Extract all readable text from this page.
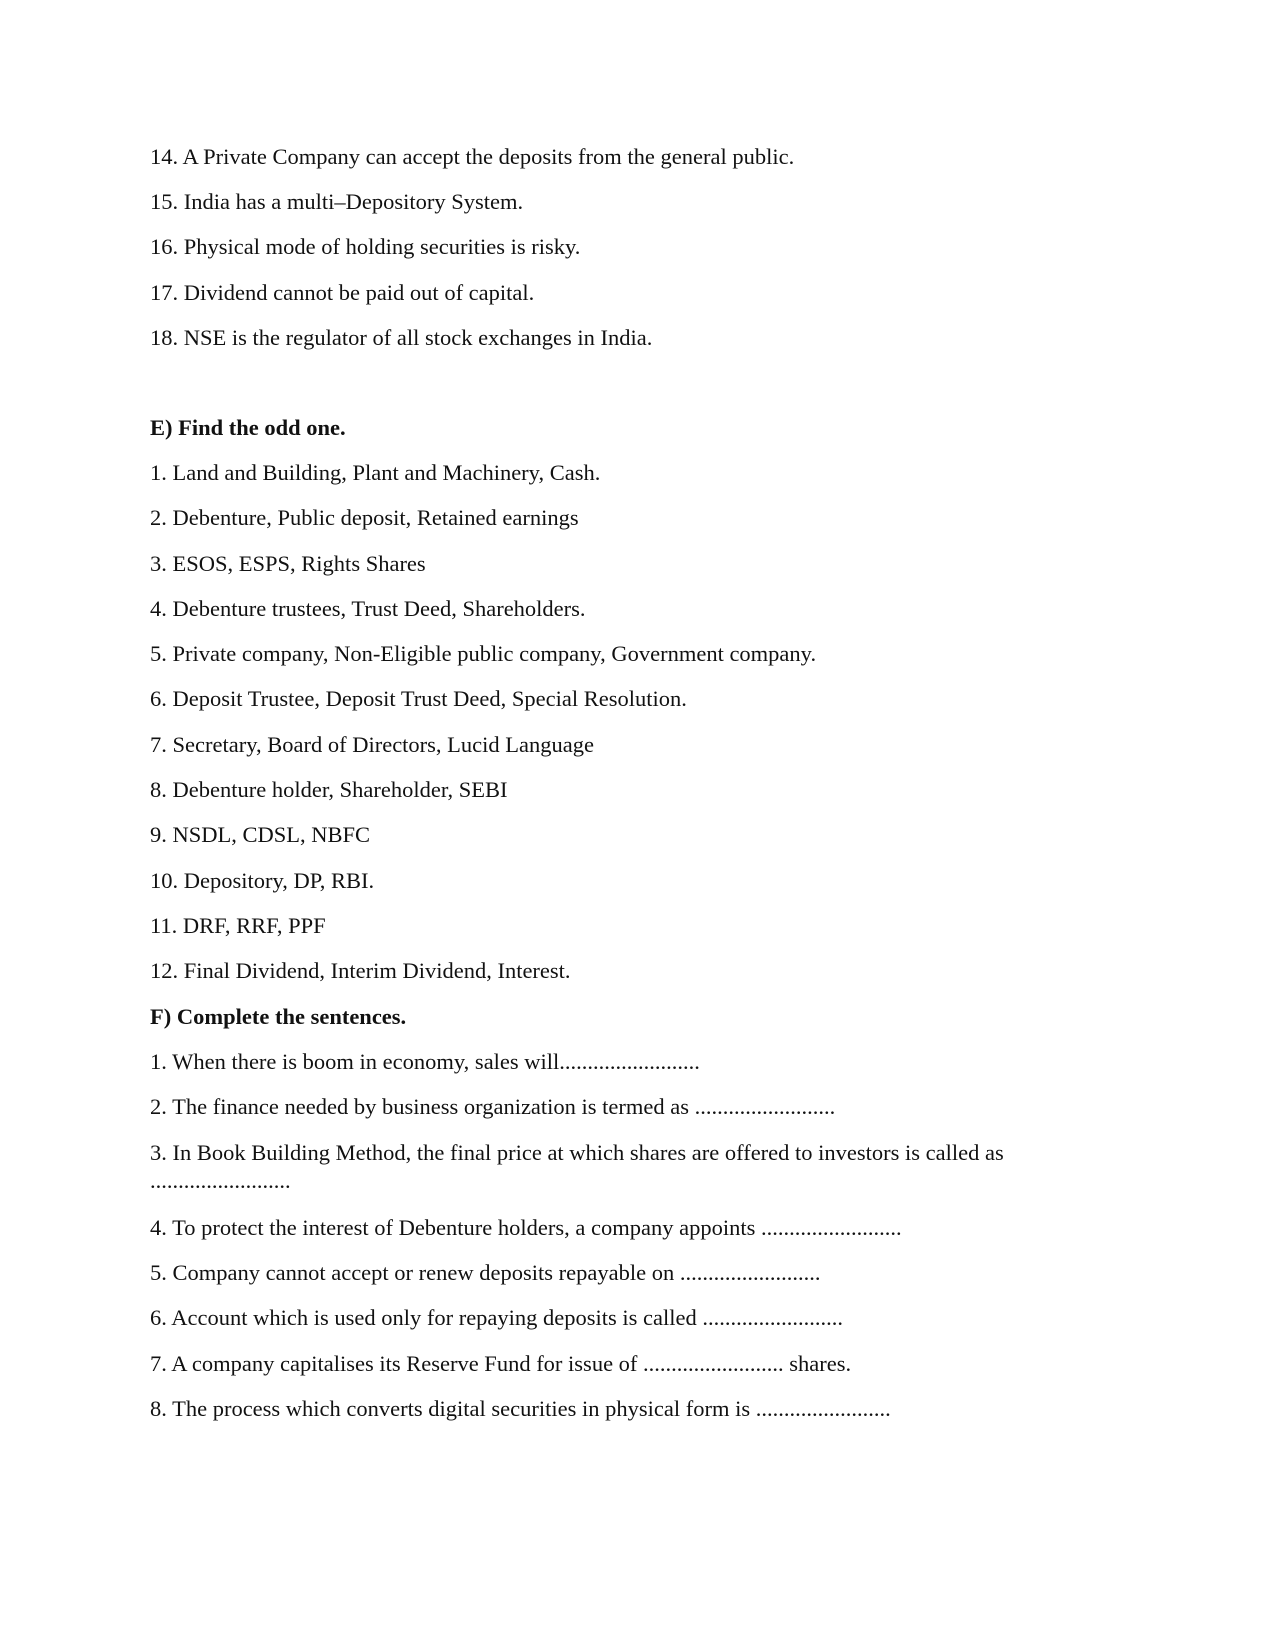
14. A Private Company can accept the deposits from the general public.
15. India has a multi–Depository System.
16. Physical mode of holding securities is risky.
17. Dividend cannot be paid out of capital.
18. NSE is the regulator of all stock exchanges in India.
E) Find the odd one.
1. Land and Building, Plant and Machinery, Cash.
2. Debenture, Public deposit, Retained earnings
3. ESOS, ESPS, Rights Shares
4. Debenture trustees, Trust Deed, Shareholders.
5. Private company, Non-Eligible public company, Government company.
6. Deposit Trustee, Deposit Trust Deed, Special Resolution.
7. Secretary, Board of Directors, Lucid Language
8. Debenture holder, Shareholder, SEBI
9. NSDL, CDSL, NBFC
10. Depository, DP, RBI.
11. DRF, RRF, PPF
12. Final Dividend, Interim Dividend, Interest.
F) Complete the sentences.
1. When there is boom in economy, sales will.........................
2. The finance needed by business organization is termed as .........................
3. In Book Building Method, the final price at which shares are offered to investors is called as .........................
4. To protect the interest of Debenture holders, a company appoints .........................
5. Company cannot accept or renew deposits repayable on .........................
6. Account which is used only for repaying deposits is called .........................
7. A company capitalises its Reserve Fund for issue of ......................... shares.
8. The process which converts digital securities in physical form is ........................
